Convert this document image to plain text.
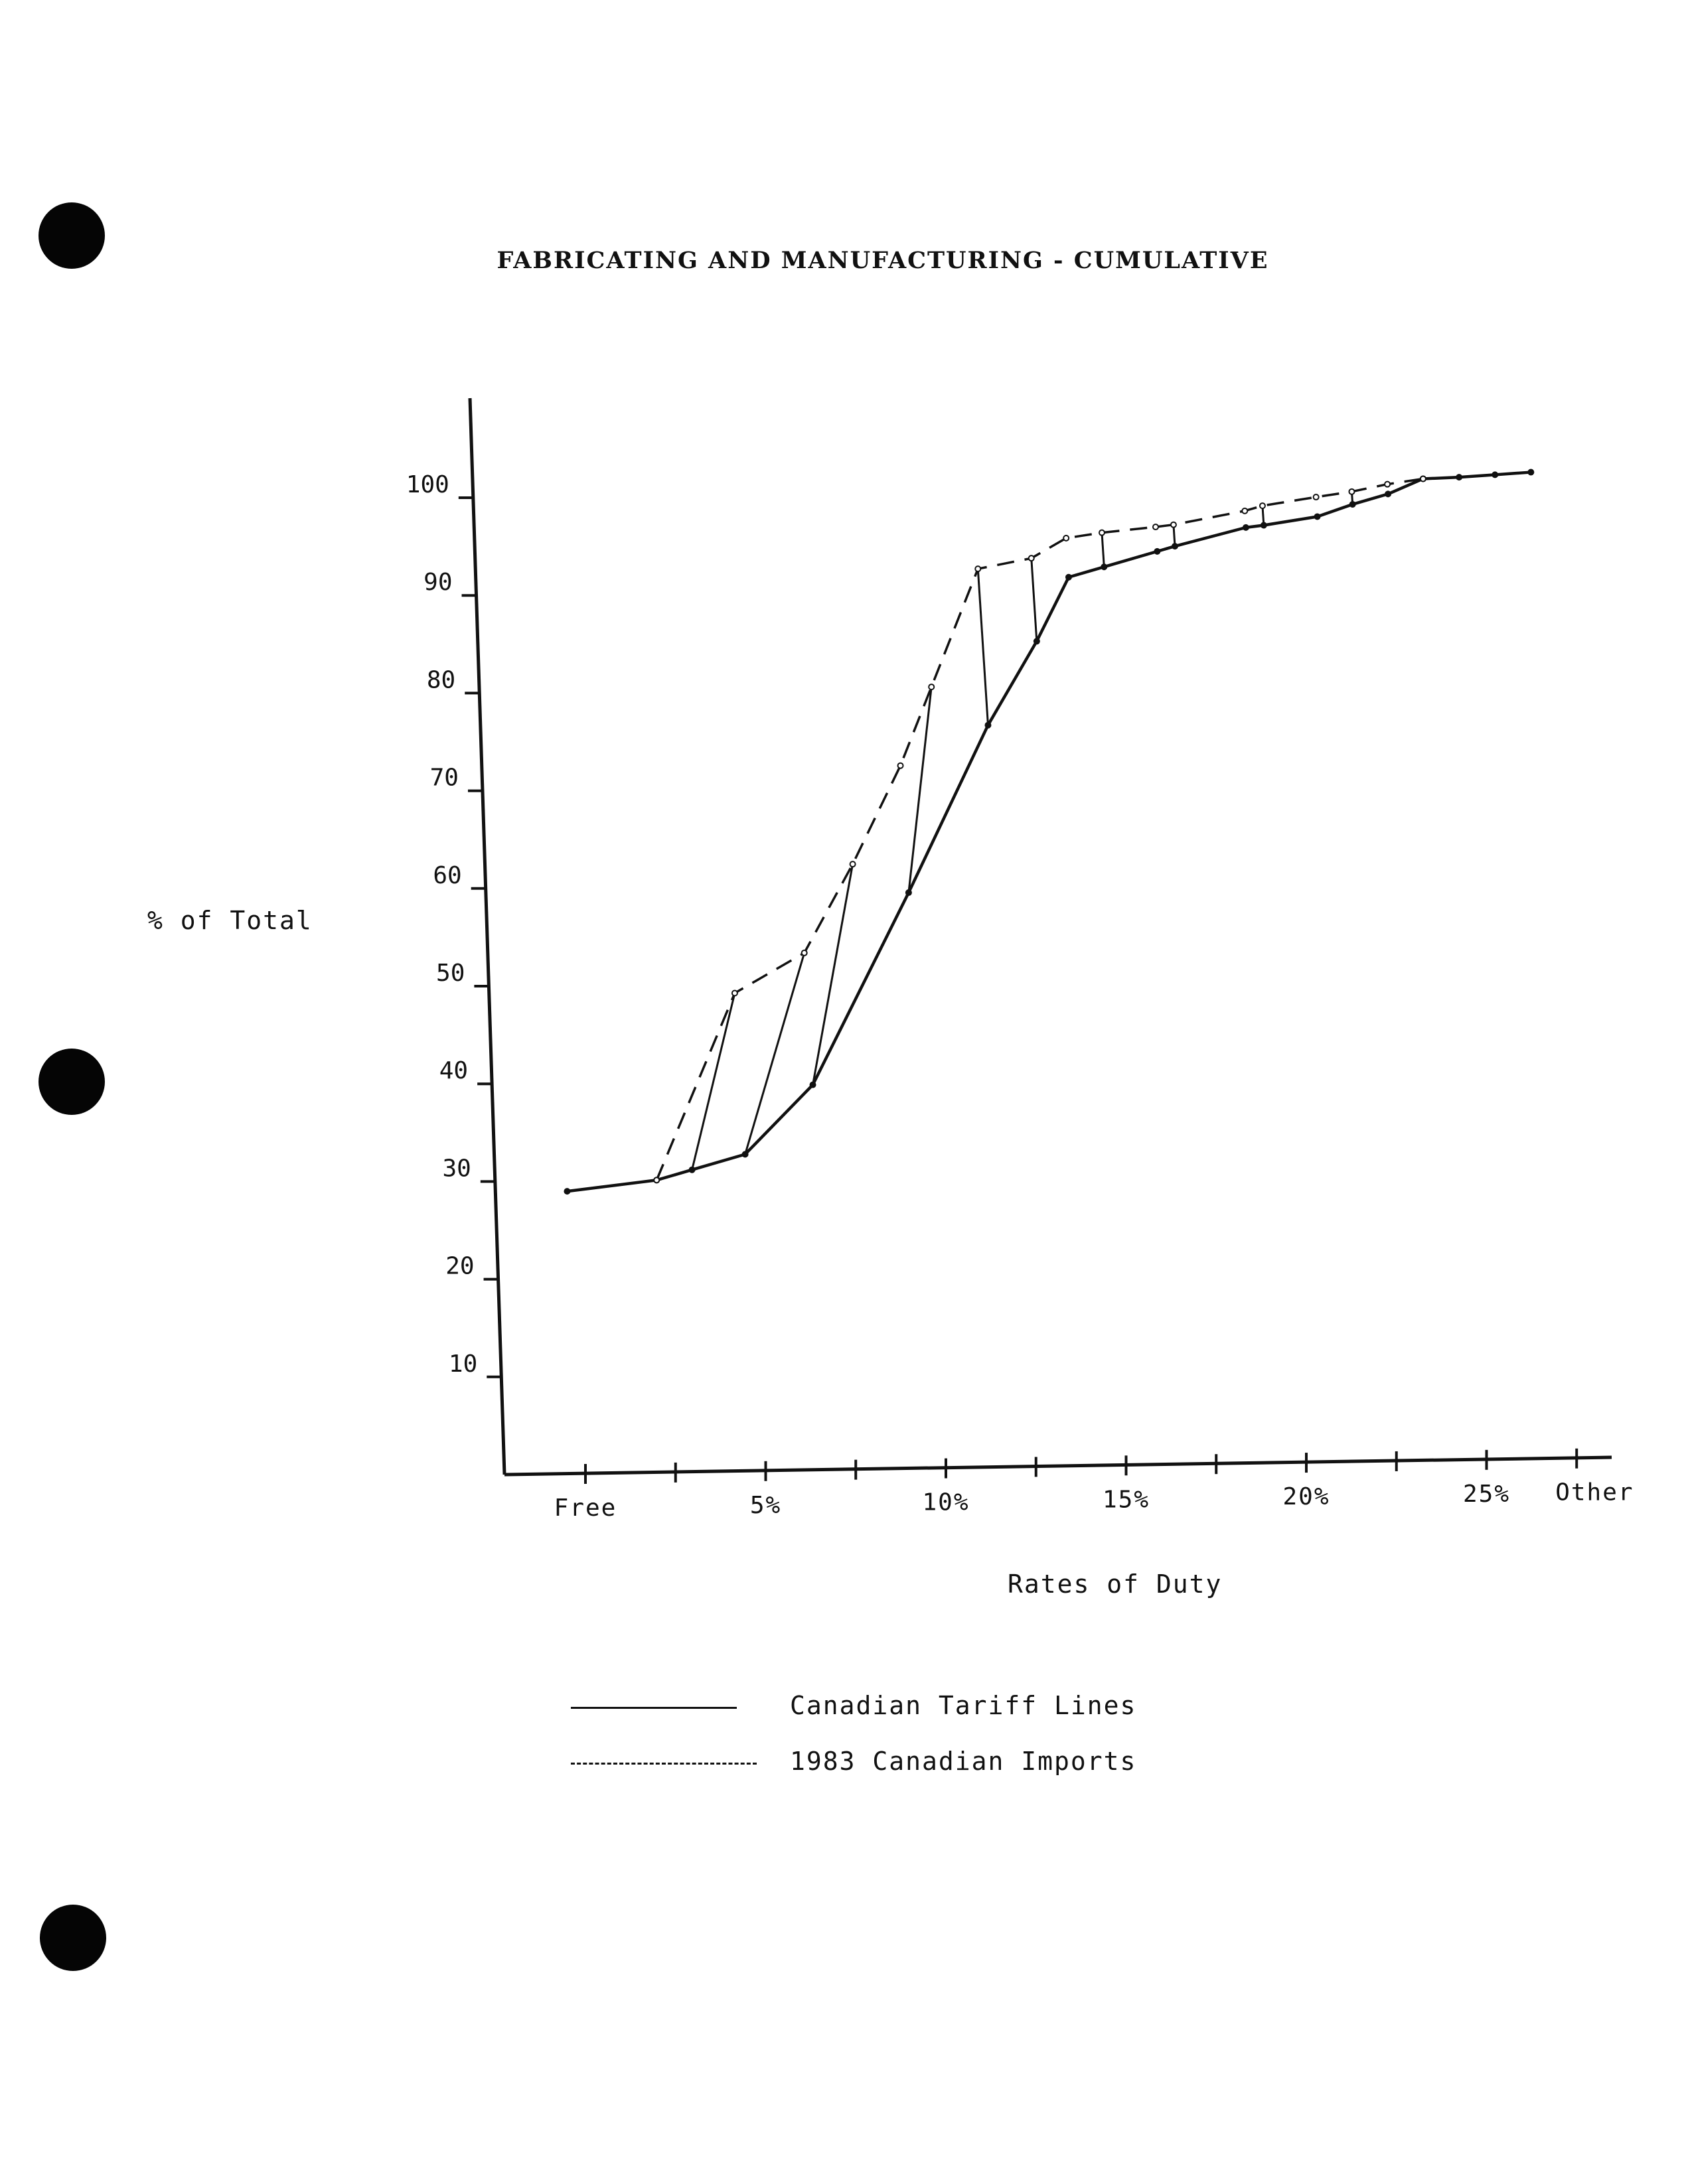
FABRICATING AND MANUFACTURING - CUMULATIVE
10
20
30
40
50
60
70
80
90
100
Free	5%	10%	15%	20%	25% Other
% of Total
Rates of Duty
Canadian Tariff Lines
1983 Canadian Imports
